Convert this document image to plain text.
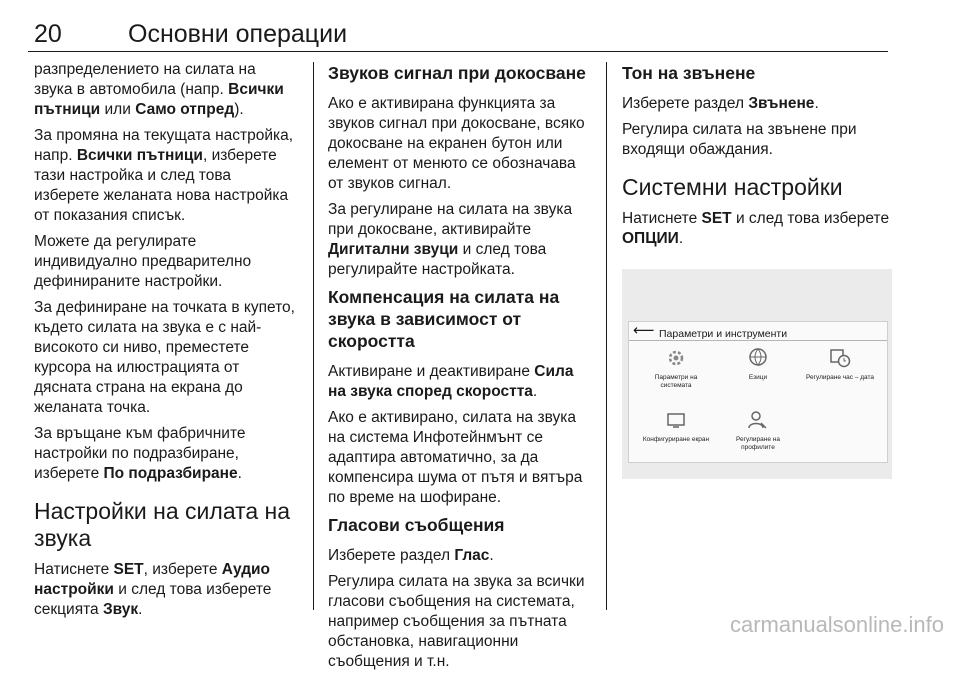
20	Основни операции

разпределението на силата на звука в автомобила (напр. Всички пътници или Само отпред).

За промяна на текущата настройка, напр. Всички пътници, изберете тази настройка и след това изберете желаната нова настройка от показания списък.

Можете да регулирате индивидуално предварително дефинираните настройки.

За дефиниране на точката в купето, където силата на звука е с най-високото си ниво, преместете курсора на илюстрацията от дясната страна на екрана до желаната точка.

За връщане към фабричните настройки по подразбиране, изберете По подразбиране.

Настройки на силата на звука

Натиснете SET, изберете Аудио настройки и след това изберете секцията Звук.

Звуков сигнал при докосване

Ако е активирана функцията за звуков сигнал при докосване, всяко докосване на екранен бутон или елемент от менюто се обозначава от звуков сигнал.

За регулиране на силата на звука при докосване, активирайте Дигитални звуци и след това регулирайте настройката.

Компенсация на силата на звука в зависимост от скоростта

Активиране и деактивиране Сила на звука според скоростта.

Ако е активирано, силата на звука на система Инфотейнмънт се адаптира автоматично, за да компенсира шума от пътя и вятъра по време на шофиране.

Гласови съобщения

Изберете раздел Глас.

Регулира силата на звука за всички гласови съобщения на системата, например съобщения за пътната обстановка, навигационни съобщения и т.н.

Тон на звънене

Изберете раздел Звънене.

Регулира силата на звънене при входящи обаждания.

Системни настройки

Натиснете SET и след това изберете ОПЦИИ.

⟵ Параметри и инструменти
Параметри на системата
Езици	Регулиране час – дата
Конфигуриране екран	Регулиране на профилите
carmanualsonline.info
